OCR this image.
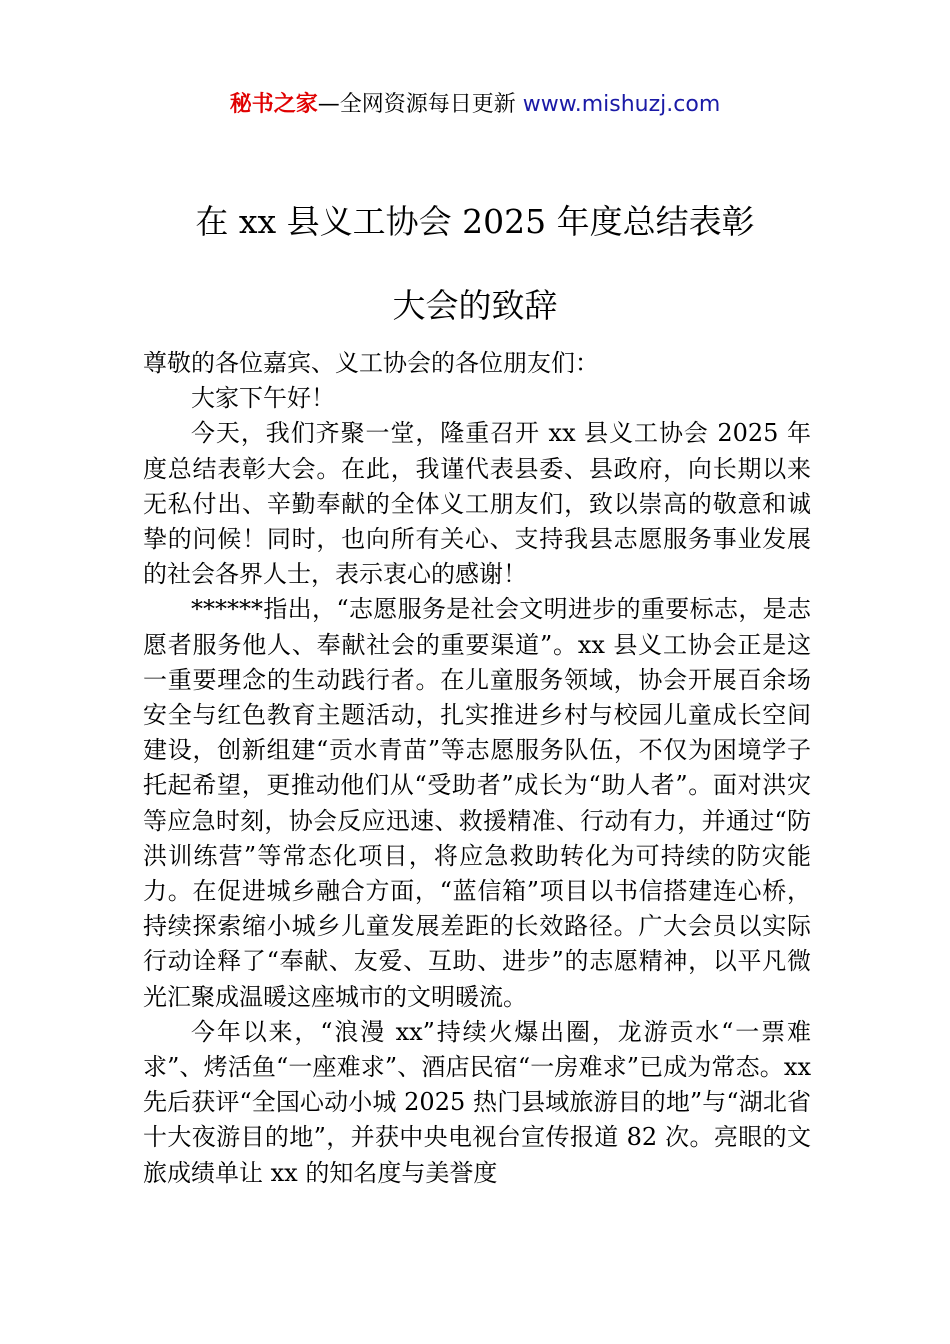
秘书之家—全网资源每日更新 www.mishuzj.com
在 xx 县义工协会 2025 年度总结表彰
大会的致辞

尊敬的各位嘉宾、义工协会的各位朋友们：

大家下午好！

今天，我们齐聚一堂，隆重召开 xx 县义工协会 2025 年度总结表彰大会。在此，我谨代表县委、县政府，向长期以来无私付出、辛勤奉献的全体义工朋友们，致以崇高的敬意和诚挚的问候！同时，也向所有关心、支持我县志愿服务事业发展的社会各界人士，表示衷心的感谢！

******指出，“志愿服务是社会文明进步的重要标志，是志愿者服务他人、奉献社会的重要渠道”。xx 县义工协会正是这一重要理念的生动践行者。在儿童服务领域，协会开展百余场安全与红色教育主题活动，扎实推进乡村与校园儿童成长空间建设，创新组建“贡水青苗”等志愿服务队伍，不仅为困境学子托起希望，更推动他们从“受助者”成长为“助人者”。面对洪灾等应急时刻，协会反应迅速、救援精准、行动有力，并通过“防洪训练营”等常态化项目，将应急救助转化为可持续的防灾能力。在促进城乡融合方面，“蓝信箱”项目以书信搭建连心桥，持续探索缩小城乡儿童发展差距的长效路径。广大会员以实际行动诠释了“奉献、友爱、互助、进步”的志愿精神，以平凡微光汇聚成温暖这座城市的文明暖流。

今年以来，“浪漫 xx”持续火爆出圈，龙游贡水“一票难求”、烤活鱼“一座难求”、酒店民宿“一房难求”已成为常态。xx 先后获评“全国心动小城 2025 热门县域旅游目的地”与“湖北省十大夜游目的地”，并获中央电视台宣传报道 82 次。亮眼的文旅成绩单让 xx 的知名度与美誉度
